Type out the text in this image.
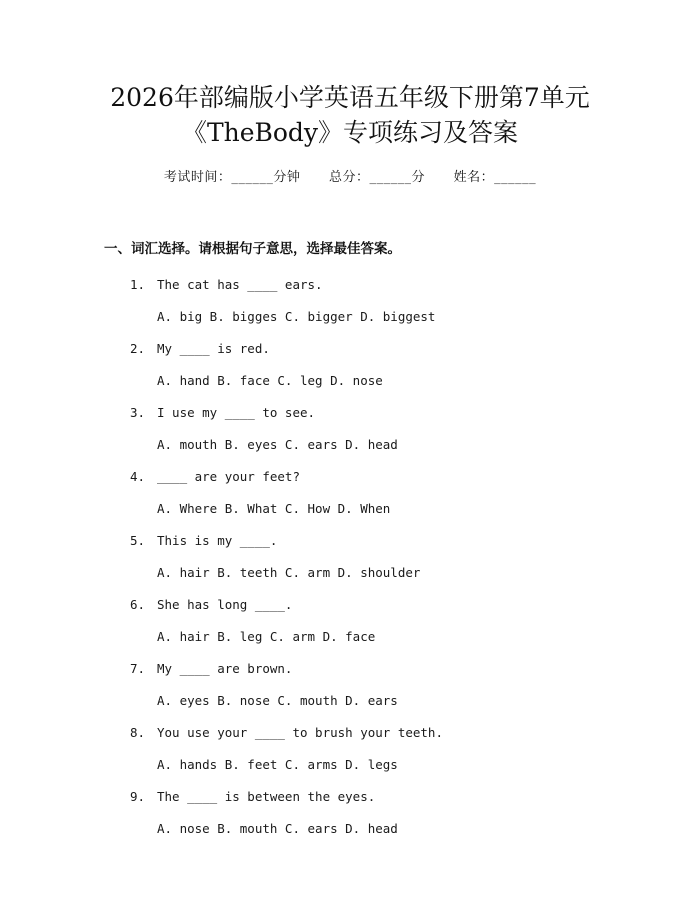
2026年部编版小学英语五年级下册第7单元
《TheBody》专项练习及答案
考试时间：______分钟 总分：______分 姓名：______
一、词汇选择。请根据句子意思，选择最佳答案。
1. The cat has ____ ears.
A. big B. bigges C. bigger D. biggest
2. My ____ is red.
A. hand B. face C. leg D. nose
3. I use my ____ to see.
A. mouth B. eyes C. ears D. head
4. ____ are your feet?
A. Where B. What C. How D. When
5. This is my ____.
A. hair B. teeth C. arm D. shoulder
6. She has long ____.
A. hair B. leg C. arm D. face
7. My ____ are brown.
A. eyes B. nose C. mouth D. ears
8. You use your ____ to brush your teeth.
A. hands B. feet C. arms D. legs
9. The ____ is between the eyes.
A. nose B. mouth C. ears D. head
